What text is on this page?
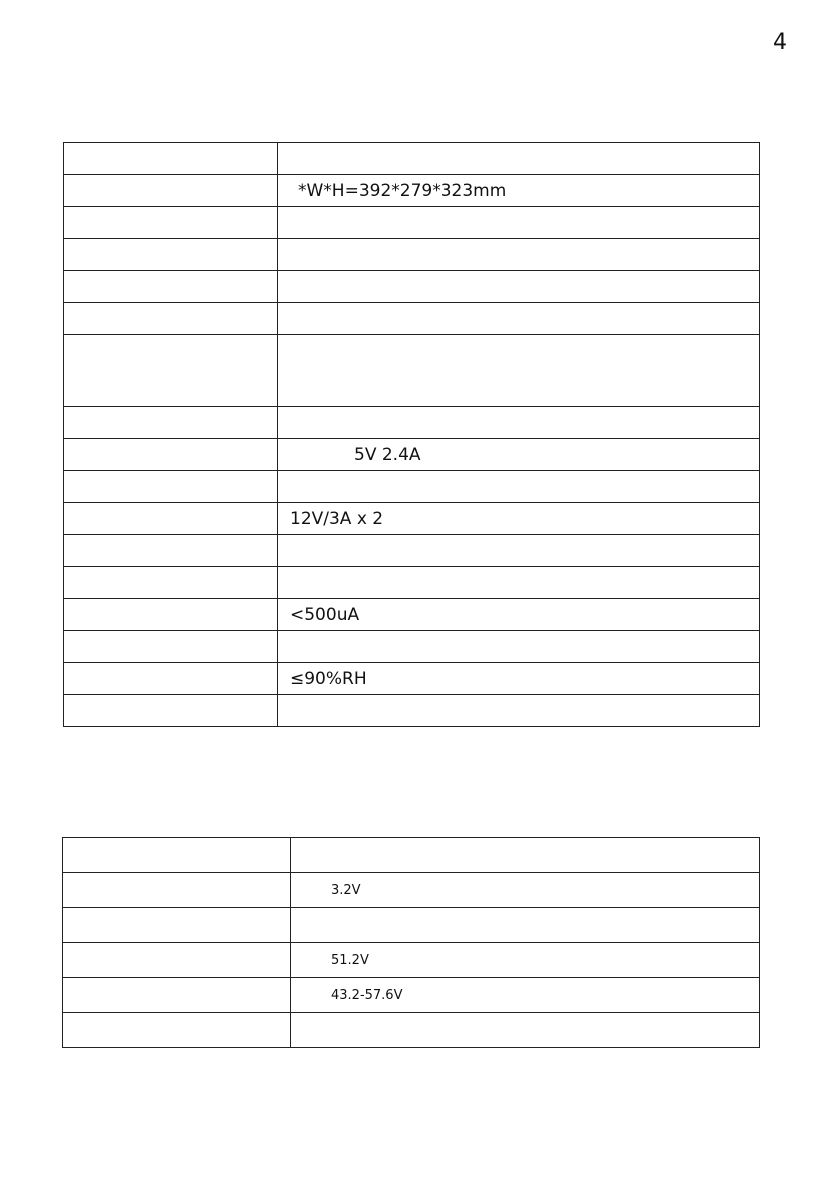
4

	*W*H=392*279*323mm

	5V 2.4A

	12V/3A x 2

	<500uA

	≤90%RH

	3.2V

	51.2V
	43.2-57.6V
